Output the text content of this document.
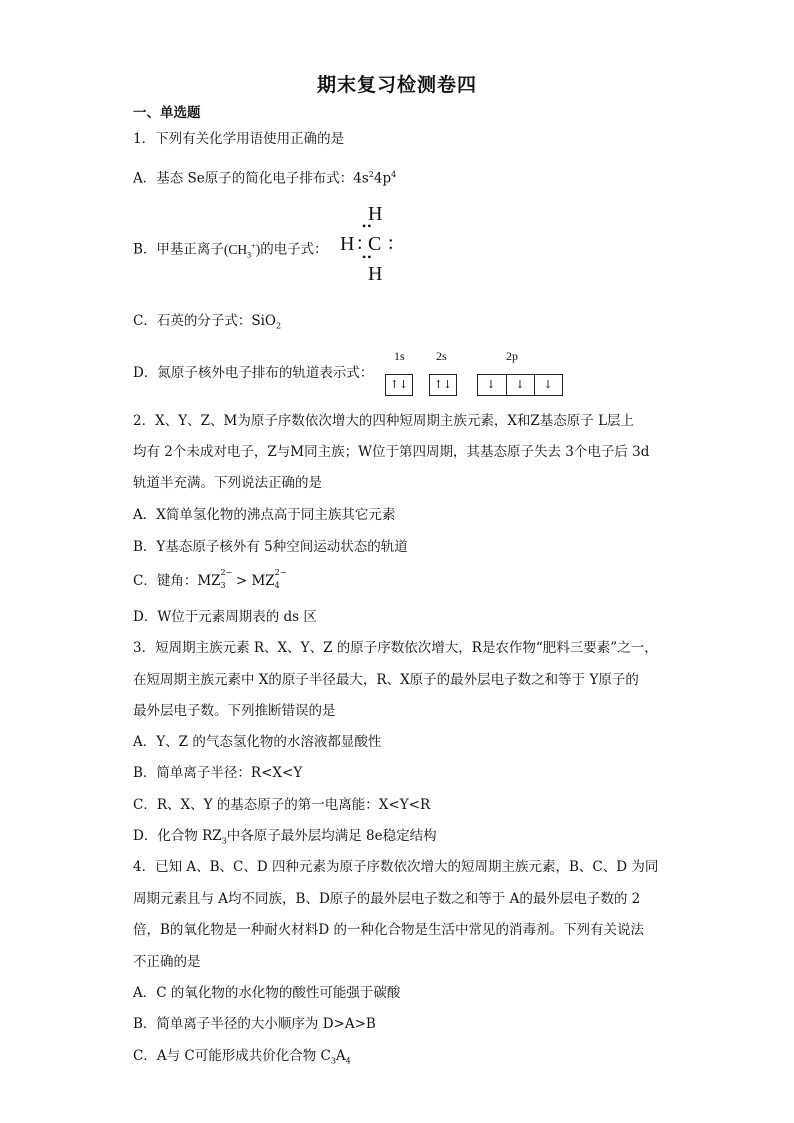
期末复习检测卷四
一、单选题
1．下列有关化学用语使用正确的是
A．基态 Se原子的简化电子排布式：$4s^24p^4$
B．甲基正离子$(CH_3^+)$的电子式：
H
••
H : C :
••
H
C．石英的分子式：SiO$_2$
D．氮原子核外电子排布的轨道表示式：
1s	2s	2p
↑↓	↑↓	↓	↓	↓
2．X、Y、Z、M为原子序数依次增大的四种短周期主族元素，X和Z基态原子 L层上
均有 2个未成对电子，Z与M同主族；W位于第四周期，其基态原子失去 3个电子后 3d
轨道半充满。下列说法正确的是
A．X简单氢化物的沸点高于同主族其它元素
B．Y基态原子核外有 5种空间运动状态的轨道
C．键角：MZ
2−
3 > MZ
2−
4
D．W位于元素周期表的 ds 区
3．短周期主族元素 R、X、Y、Z 的原子序数依次增大，R是农作物“肥料三要素”之一，
在短周期主族元素中 X的原子半径最大，R、X原子的最外层电子数之和等于 Y原子的
最外层电子数。下列推断错误的是
A．Y、Z 的气态氢化物的水溶液都显酸性
B．简单离子半径：R<X<Y
C．R、X、Y 的基态原子的第一电离能：X<Y<R
D．化合物 $RZ_3$中各原子最外层均满足 8e稳定结构
4．已知 A、B、C、D 四种元素为原子序数依次增大的短周期主族元素，B、C、D 为同
周期元素且与 A均不同族，B、D原子的最外层电子数之和等于 A的最外层电子数的 2
倍，B的氧化物是一种耐火材料D 的一种化合物是生活中常见的消毒剂。下列有关说法
不正确的是
A．C 的氧化物的水化物的酸性可能强于碳酸
B．简单离子半径的大小顺序为 D>A>B
C．A与 C可能形成共价化合物 $C_3A_4$
